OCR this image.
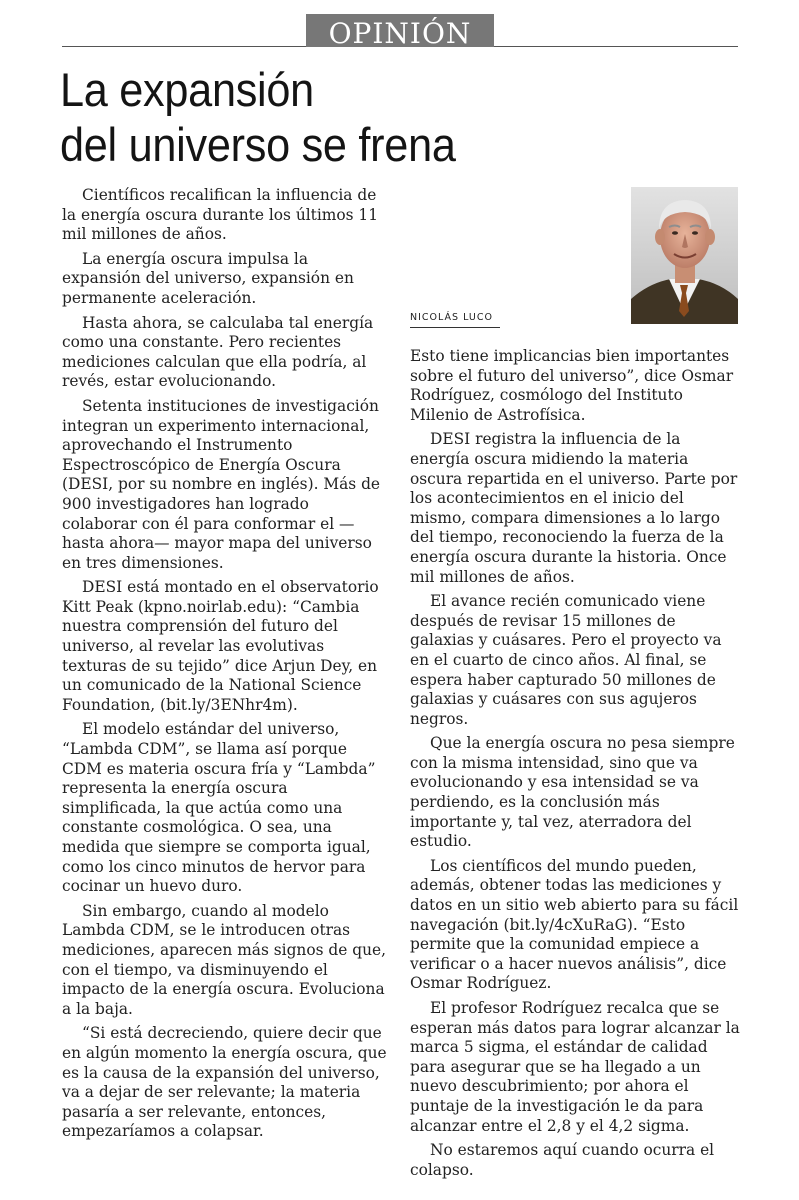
OPINIÓN
La expansión
del universo se frena
NICOLÁS LUCO

Científicos recalifican la influencia de la energía oscura durante los últimos 11 mil millones de años.

La energía oscura impulsa la expansión del universo, expansión en permanente aceleración.

Hasta ahora, se calculaba tal energía como una constante. Pero recientes mediciones calculan que ella podría, al revés, estar evolucionando.

Setenta instituciones de investigación integran un experimento internacional, aprovechando el Instrumento Espectroscópico de Energía Oscura (DESI, por su nombre en inglés). Más de 900 investigadores han logrado colaborar con él para conformar el —hasta ahora— mayor mapa del universo en tres dimensiones.

DESI está montado en el observatorio Kitt Peak (kpno.noirlab.edu): “Cambia nuestra comprensión del futuro del universo, al revelar las evolutivas texturas de su tejido” dice Arjun Dey, en un comunicado de la National Science Foundation, (bit.ly/3ENhr4m).

El modelo estándar del universo, “Lambda CDM”, se llama así porque CDM es materia oscura fría y “Lambda” representa la energía oscura simplificada, la que actúa como una constante cosmológica. O sea, una medida que siempre se comporta igual, como los cinco minutos de hervor para cocinar un huevo duro.

Sin embargo, cuando al modelo Lambda CDM, se le introducen otras mediciones, aparecen más signos de que, con el tiempo, va disminuyendo el impacto de la energía oscura. Evoluciona a la baja.

“Si está decreciendo, quiere decir que en algún momento la energía oscura, que es la causa de la expansión del universo, va a dejar de ser relevante; la materia pasaría a ser relevante, entonces, empezaríamos a colapsar.

Esto tiene implicancias bien importantes sobre el futuro del universo”, dice Osmar Rodríguez, cosmólogo del Instituto Milenio de Astrofísica.

DESI registra la influencia de la energía oscura midiendo la materia oscura repartida en el universo. Parte por los acontecimientos en el inicio del mismo, compara dimensiones a lo largo del tiempo, reconociendo la fuerza de la energía oscura durante la historia. Once mil millones de años.

El avance recién comunicado viene después de revisar 15 millones de galaxias y cuásares. Pero el proyecto va en el cuarto de cinco años. Al final, se espera haber capturado 50 millones de galaxias y cuásares con sus agujeros negros.

Que la energía oscura no pesa siempre con la misma intensidad, sino que va evolucionando y esa intensidad se va perdiendo, es la conclusión más importante y, tal vez, aterradora del estudio.

Los científicos del mundo pueden, además, obtener todas las mediciones y datos en un sitio web abierto para su fácil navegación (bit.ly/4cXuRaG). “Esto permite que la comunidad empiece a verificar o a hacer nuevos análisis”, dice Osmar Rodríguez.

El profesor Rodríguez recalca que se esperan más datos para lograr alcanzar la marca 5 sigma, el estándar de calidad para asegurar que se ha llegado a un nuevo descubrimiento; por ahora el puntaje de la investigación le da para alcanzar entre el 2,8 y el 4,2 sigma.

No estaremos aquí cuando ocurra el colapso.
